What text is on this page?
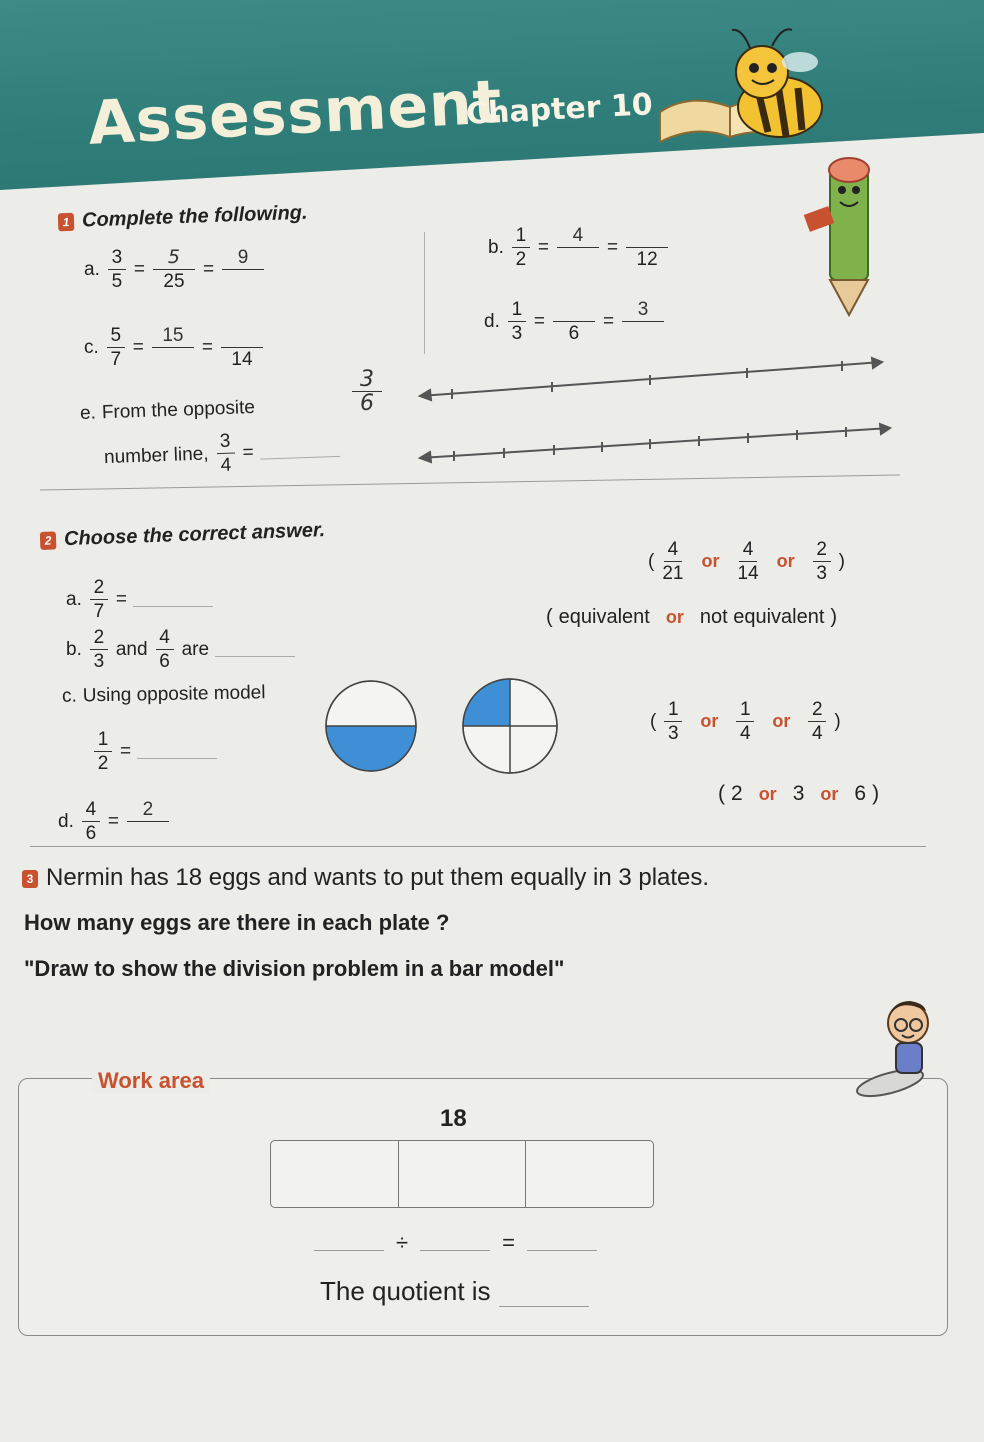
Assessment
Chapter 10
1 Complete the following.
a. $\frac{3}{5} = \frac{5}{25}$ =
9
	b. $\frac{1}{2}$ =
4

=

12
c. $\frac{5}{7}$ =
15

=

14
d. $\frac{1}{3}$ =

6
=
3

e. From the opposite
number line, $\frac{3}{4}$ =
3
6
2 Choose the correct answer.
a. $\frac{2}{7}$ =
( $\frac{4}{21}$ or $\frac{4}{14}$ or $\frac{2}{3}$ )
b. $\frac{2}{3}$ and $\frac{4}{6}$ are
( equivalent or not equivalent )
c. Using opposite model
$\frac{1}{2}$ =
( $\frac{1}{3}$ or $\frac{1}{4}$ or $\frac{2}{4}$ )
d. $\frac{4}{6}$ =
2

( 2 or 3 or 6 )
3 Nermin has 18 eggs and wants to put them equally in 3 plates.
How many eggs are there in each plate ?
"Draw to show the division problem in a bar model"
Work area
18
÷	=
The quotient is
